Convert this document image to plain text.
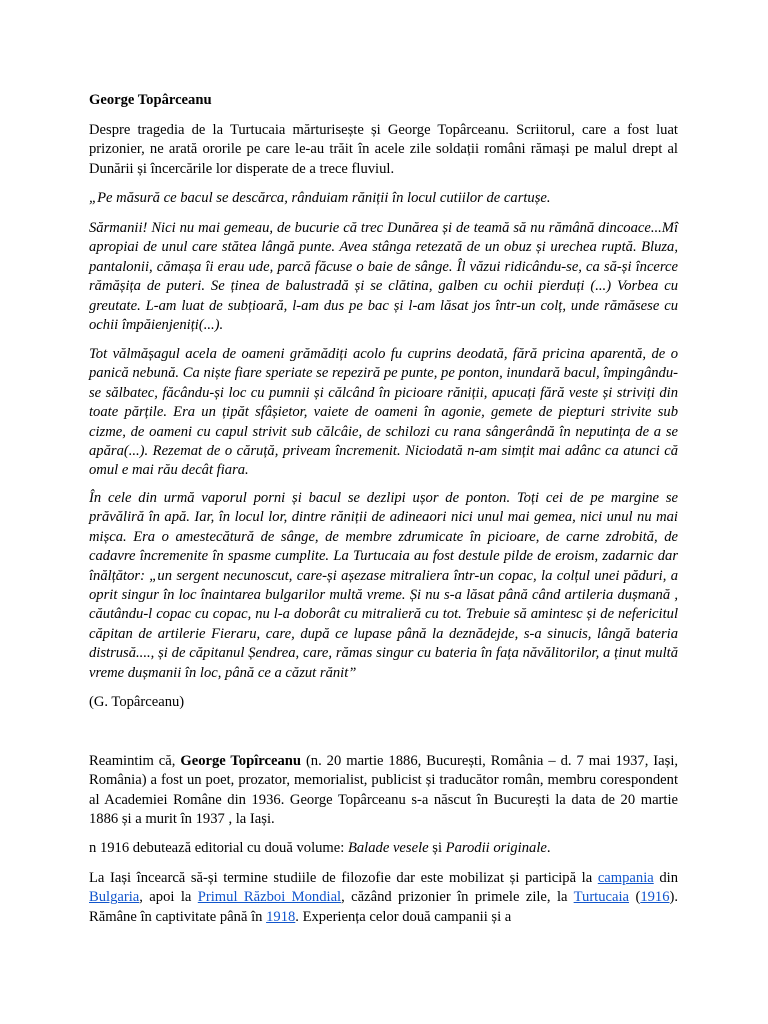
George Topârceanu

Despre tragedia de la Turtucaia mărturisește și George Topârceanu. Scriitorul, care a fost luat prizonier, ne arată ororile pe care le-au trăit în acele zile soldații români rămași pe malul drept al Dunării și încercările lor disperate de a trece fluviul.

„Pe măsură ce bacul se descărca, rânduiam răniții în locul cutiilor de cartușe.

Sărmanii! Nici nu mai gemeau, de bucurie că trec Dunărea și de teamă să nu rămână dincoace...Mî apropiai de unul care stătea lângă punte. Avea stânga retezată de un obuz și urechea ruptă. Bluza, pantalonii, cămașa îi erau ude, parcă făcuse o baie de sânge. Îl văzui ridicându-se, ca să-și încerce rămășița de puteri. Se ținea de balustradă și se clătina, galben cu ochii pierduți (...) Vorbea cu greutate. L-am luat de subțioară, l-am dus pe bac și l-am lăsat jos într-un colț, unde rămăsese cu ochii împăienjeniți(...).

Tot vălmășagul acela de oameni grămădiți acolo fu cuprins deodată, fără pricina aparentă, de o panică nebună. Ca niște fiare speriate se repeziră pe punte, pe ponton, inundară bacul, împingându-se sălbatec, făcându-și loc cu pumnii și călcând în picioare răniții, apucați fără veste și striviți din toate părțile. Era un țipăt sfâșietor, vaiete de oameni în agonie, gemete de piepturi strivite sub cizme, de oameni cu capul strivit sub călcâie, de schilozi cu rana sângerândă în neputința de a se apăra(...). Rezemat de o căruță, priveam încremenit. Niciodată n-am simțit mai adânc ca atunci că omul e mai rău decât fiara.

În cele din urmă vaporul porni și bacul se dezlipi ușor de ponton. Toți cei de pe margine se prăvăliră în apă. Iar, în locul lor, dintre răniții de adineaori nici unul mai gemea, nici unul nu mai mișca. Era o amestecătură de sânge, de membre zdrumicate în picioare, de carne zdrobită, de cadavre încremenite în spasme cumplite. La Turtucaia au fost destule pilde de eroism, zadarnic dar înălțător: „un sergent necunoscut, care-și așezase mitraliera într-un copac, la colțul unei păduri, a oprit singur în loc înaintarea bulgarilor multă vreme. Și nu s-a lăsat până când artileria dușmană , căutându-l copac cu copac, nu l-a doborât cu mitralieră cu tot. Trebuie să amintesc și de nefericitul căpitan de artilerie Fieraru, care, după ce lupase până la deznădejde, s-a sinucis, lângă bateria distrusă...., și de căpitanul Șendrea, care, rămas singur cu bateria în fața năvălitorilor, a ținut multă vreme dușmanii în loc, până ce a căzut rănit”

(G. Topârceanu)

Reamintim că, George Topîrceanu (n. 20 martie 1886, București, România – d. 7 mai 1937, Iași, România) a fost un poet, prozator, memorialist, publicist și traducător român, membru corespondent al Academiei Române din 1936. George Topârceanu s-a născut în București la data de 20 martie 1886 și a murit în 1937 , la Iași.

n 1916 debutează editorial cu două volume: Balade vesele și Parodii originale.

La Iași încearcă să-și termine studiile de filozofie dar este mobilizat și participă la campania din Bulgaria, apoi la Primul Război Mondial, căzând prizonier în primele zile, la Turtucaia (1916). Rămâne în captivitate până în 1918. Experiența celor două campanii și a
